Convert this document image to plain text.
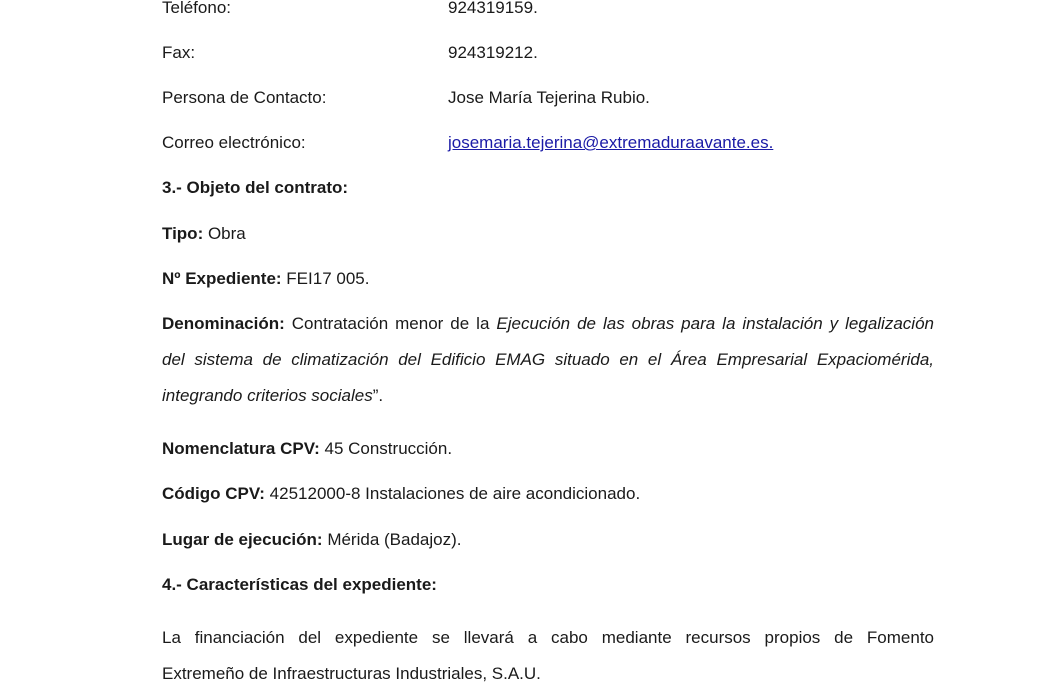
Teléfono:	924319159.
Fax:	924319212.
Persona de Contacto:	Jose María Tejerina Rubio.
Correo electrónico:	josemaria.tejerina@extremaduraavante.es.
3.- Objeto del contrato:
Tipo: Obra
Nº Expediente: FEI17 005.
Denominación: Contratación menor de la Ejecución de las obras para la instalación y legalización
del sistema de climatización del Edificio EMAG situado en el Área Empresarial Expaciomérida,
integrando criterios sociales”.
Nomenclatura CPV: 45 Construcción.
Código CPV: 42512000-8 Instalaciones de aire acondicionado.
Lugar de ejecución: Mérida (Badajoz).
4.- Características del expediente:
La financiación del expediente se llevará a cabo mediante recursos propios de Fomento
Extremeño de Infraestructuras Industriales, S.A.U.
